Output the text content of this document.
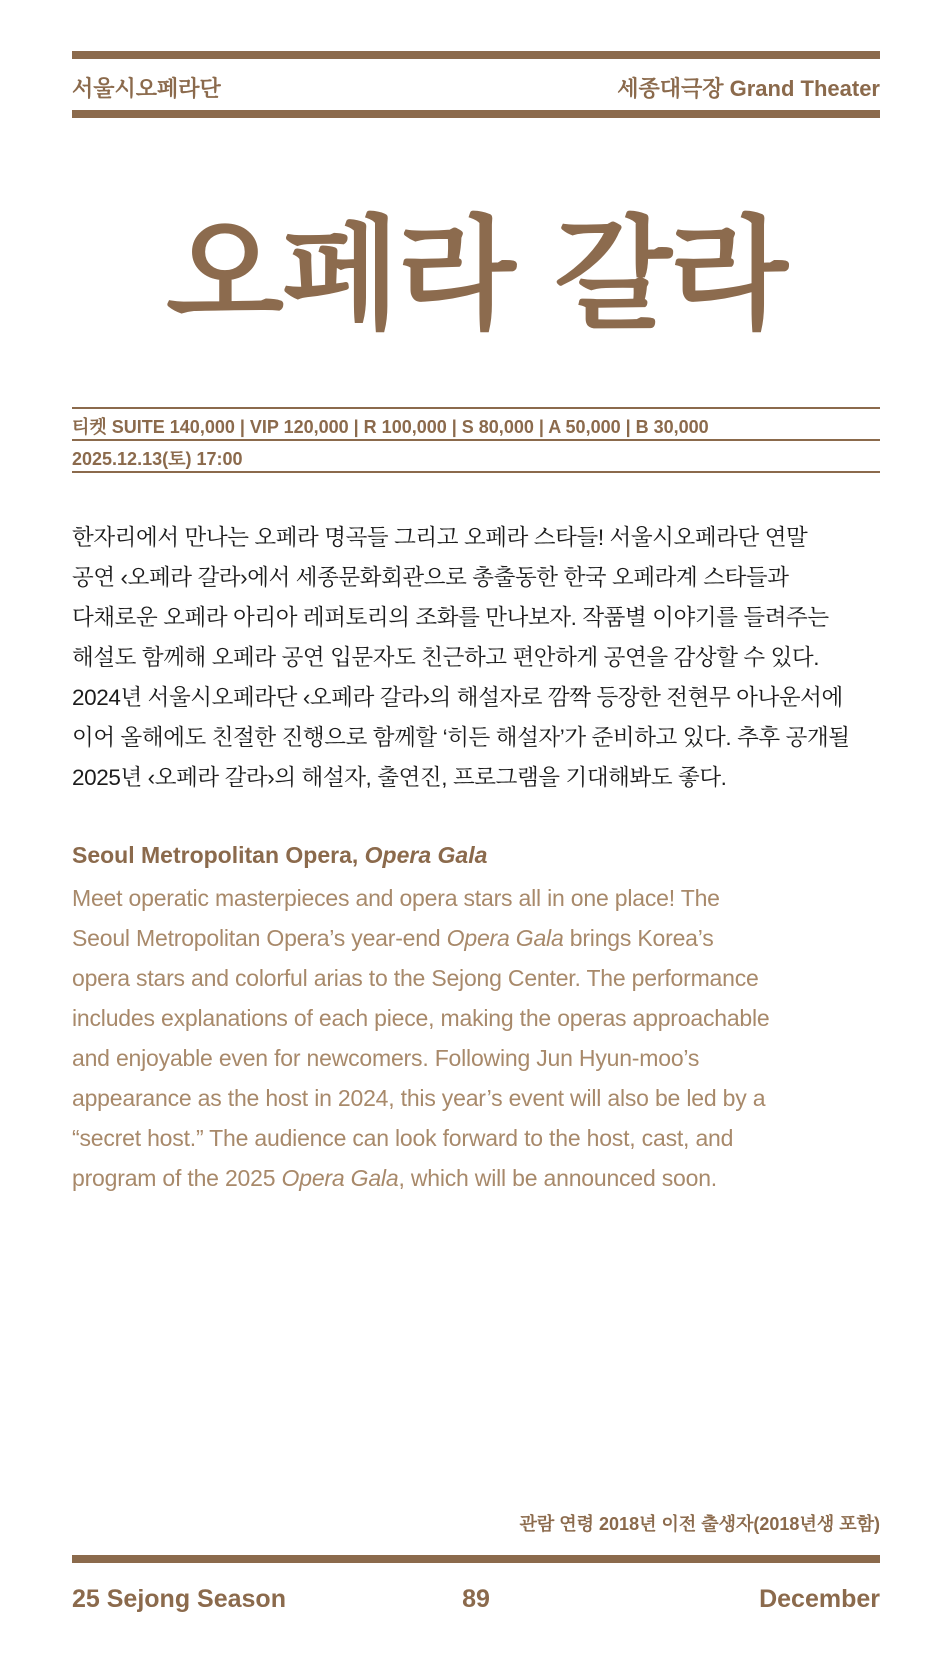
서울시오페라단	세종대극장 Grand Theater
오페라 갈라
티켓 SUITE 140,000 | VIP 120,000 | R 100,000 | S 80,000 | A 50,000 | B 30,000
2025.12.13(토) 17:00

한자리에서 만나는 오페라 명곡들 그리고 오페라 스타들! 서울시오페라단 연말

공연 ‹오페라 갈라›에서 세종문화회관으로 총출동한 한국 오페라계 스타들과

다채로운 오페라 아리아 레퍼토리의 조화를 만나보자. 작품별 이야기를 들려주는

해설도 함께해 오페라 공연 입문자도 친근하고 편안하게 공연을 감상할 수 있다.

2024년 서울시오페라단 ‹오페라 갈라›의 해설자로 깜짝 등장한 전현무 아나운서에

이어 올해에도 친절한 진행으로 함께할 ‘히든 해설자’가 준비하고 있다. 추후 공개될

2025년 ‹오페라 갈라›의 해설자, 출연진, 프로그램을 기대해봐도 좋다.

Seoul Metropolitan Opera, Opera Gala

Meet operatic masterpieces and opera stars all in one place! The

Seoul Metropolitan Opera’s year-end Opera Gala brings Korea’s

opera stars and colorful arias to the Sejong Center. The performance

includes explanations of each piece, making the operas approachable

and enjoyable even for newcomers. Following Jun Hyun-moo’s

appearance as the host in 2024, this year’s event will also be led by a

“secret host.” The audience can look forward to the host, cast, and

program of the 2025 Opera Gala, which will be announced soon.

관람 연령 2018년 이전 출생자(2018년생 포함)
25 Sejong Season	89	December
